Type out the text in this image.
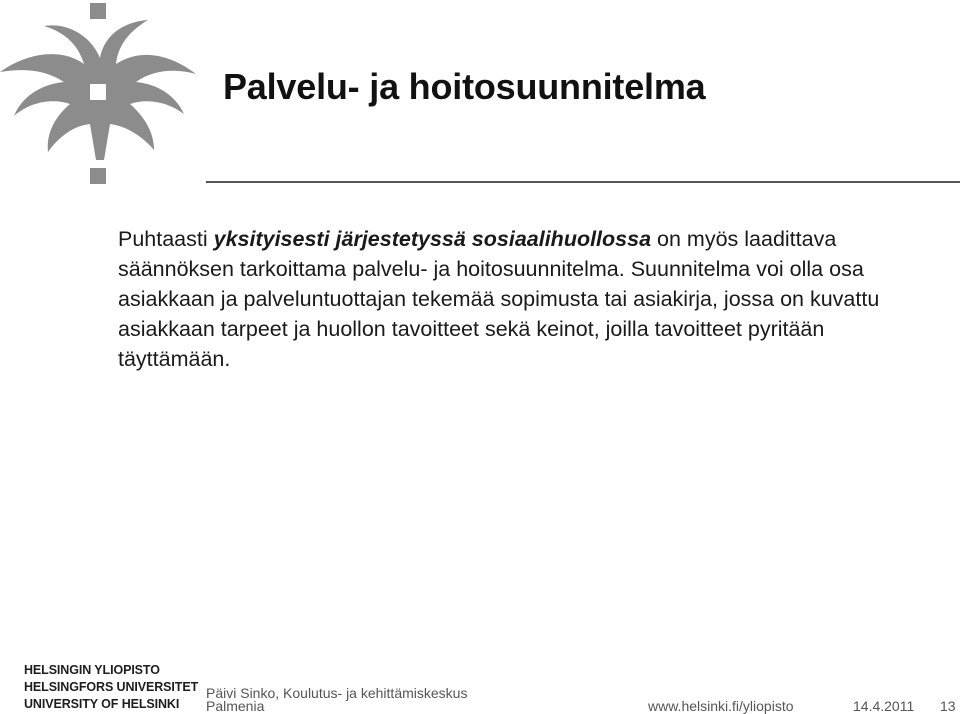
Palvelu- ja hoitosuunnitelma

Puhtaasti yksityisesti järjestetyssä sosiaalihuollossa on myös laadittava säännöksen tarkoittama palvelu- ja hoitosuunnitelma. Suunnitelma voi olla osa asiakkaan ja palveluntuottajan tekemää sopimusta tai asiakirja, jossa on kuvattu asiakkaan tarpeet ja huollon tavoitteet sekä keinot, joilla tavoitteet pyritään täyttämään.

HELSINGIN YLIOPISTO
HELSINGFORS UNIVERSITET
UNIVERSITY OF HELSINKI
Päivi Sinko, Koulutus- ja kehittämiskeskus
Palmenia	www.helsinki.fi/yliopisto	14.4.2011 13
